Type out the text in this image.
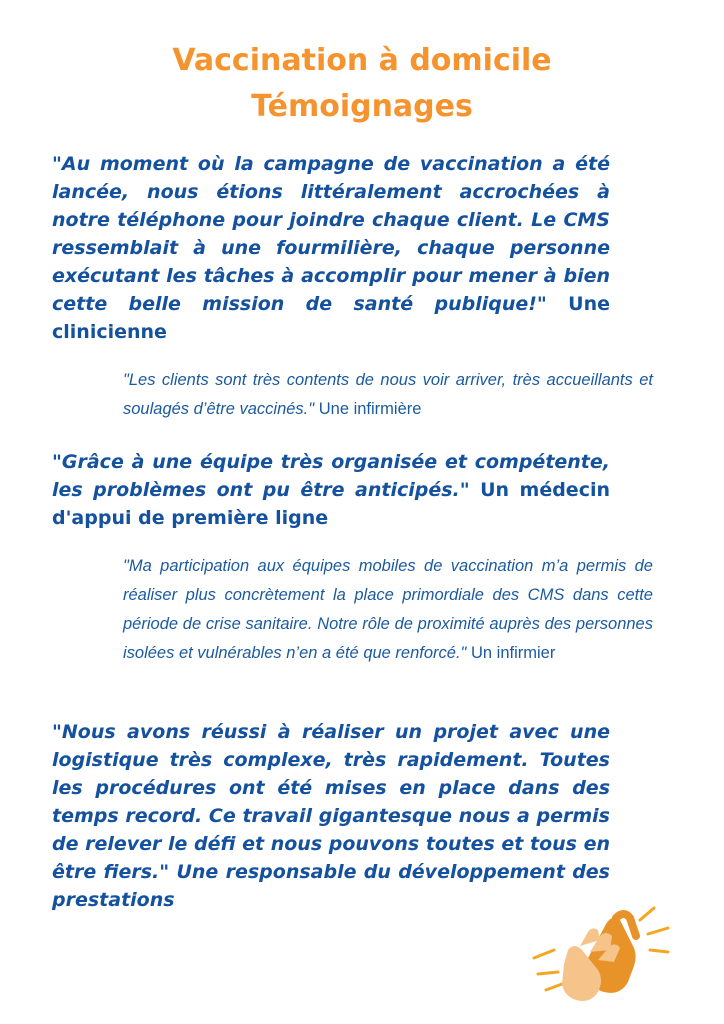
Vaccination à domicile
Témoignages
"Au moment où la campagne de vaccination a été lancée, nous étions littéralement accrochées à notre téléphone pour joindre chaque client. Le CMS ressemblait à une fourmilière, chaque personne exécutant les tâches à accomplir pour mener à bien cette belle mission de santé publique!" Une clinicienne
"Les clients sont très contents de nous voir arriver, très accueillants et soulagés d’être vaccinés." Une infirmière
"Grâce à une équipe très organisée et compétente, les problèmes ont pu être anticipés." Un médecin d'appui de première ligne
"Ma participation aux équipes mobiles de vaccination m’a permis de réaliser plus concrètement la place primordiale des CMS dans cette période de crise sanitaire. Notre rôle de proximité auprès des personnes isolées et vulnérables n’en a été que renforcé." Un infirmier
"Nous avons réussi à réaliser un projet avec une logistique très complexe, très rapidement. Toutes les procédures ont été mises en place dans des temps record. Ce travail gigantesque nous a permis de relever le défi et nous pouvons toutes et tous en être fiers." Une responsable du développement des prestations
